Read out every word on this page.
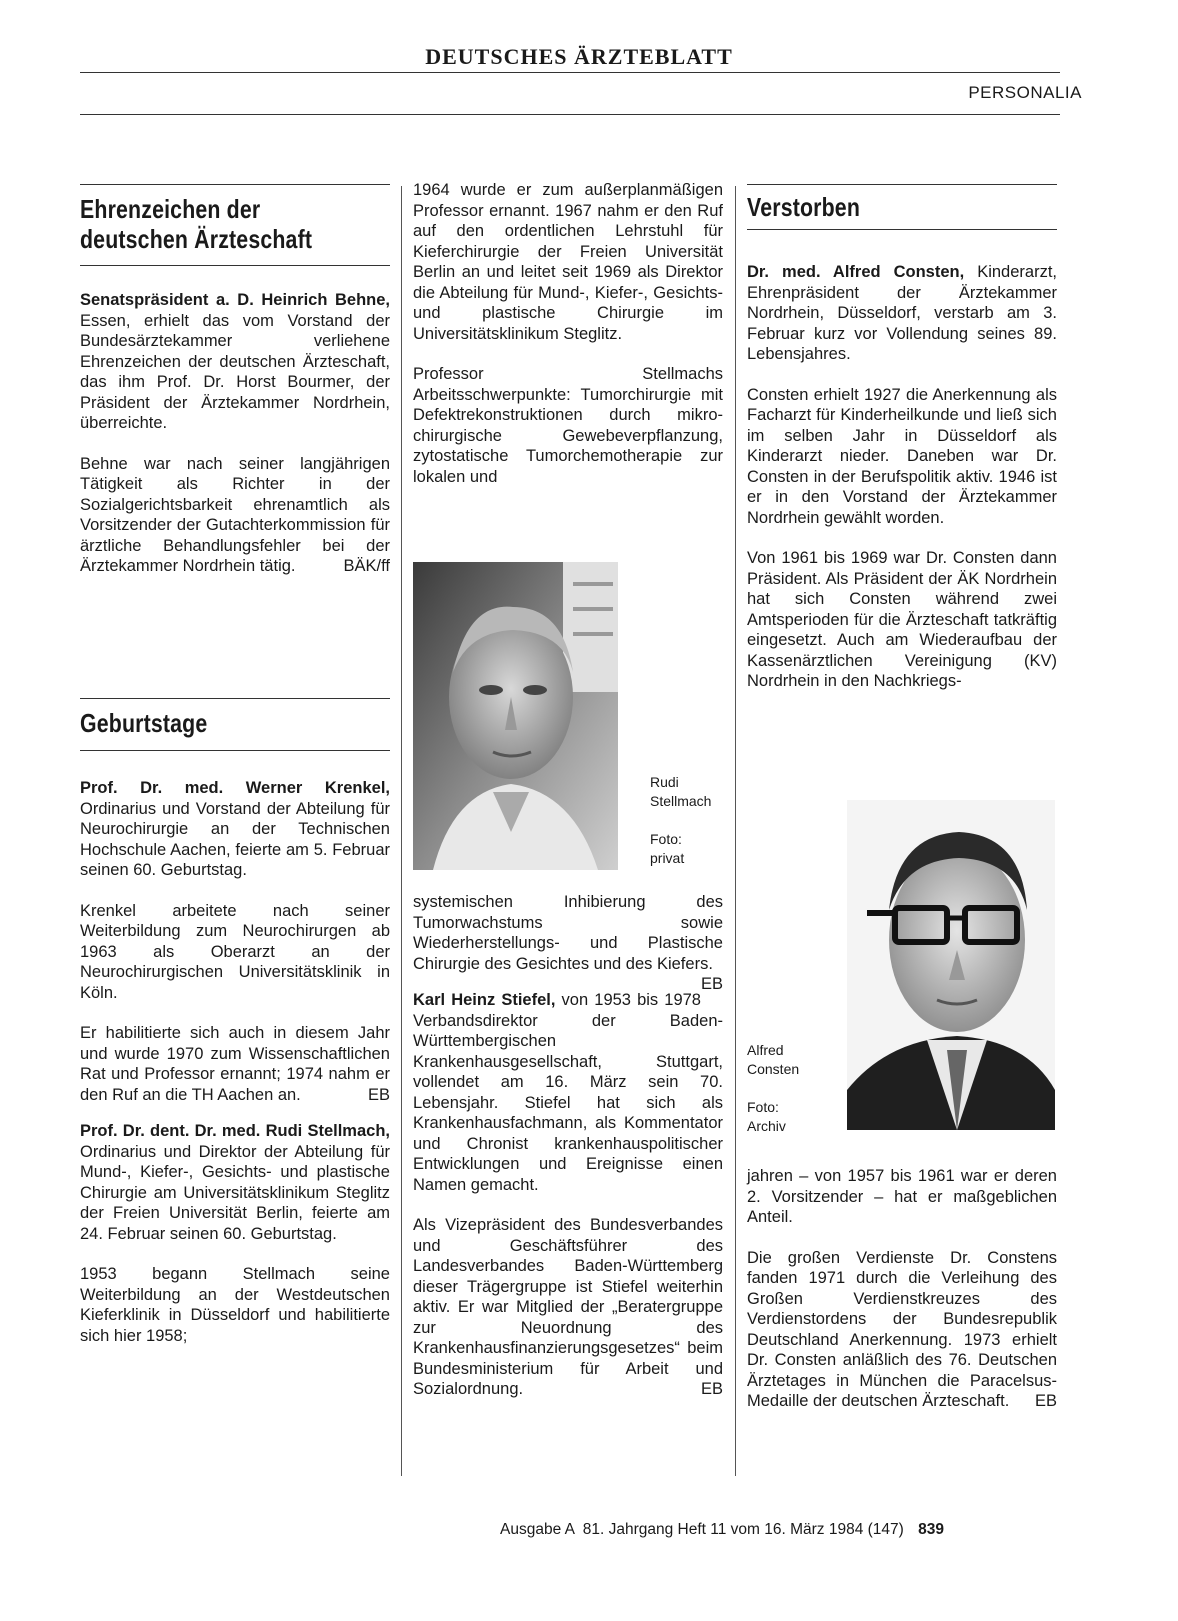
DEUTSCHES ÄRZTEBLATT
PERSONALIA
Ehrenzeichen der
deutschen Ärzteschaft

Senatspräsident a. D. Heinrich Behne, Essen, erhielt das vom Vorstand der Bundesärztekammer verliehene Ehrenzeichen der deutschen Ärzteschaft, das ihm Prof. Dr. Horst Bourmer, der Präsident der Ärztekammer Nordrhein, überreichte.

Behne war nach seiner langjährigen Tätigkeit als Richter in der Sozialgerichtsbarkeit ehrenamtlich als Vorsitzender der Gutachterkommission für ärztliche Behandlungsfehler bei der Ärztekammer Nordrhein tätig.	BÄK/ff

Geburtstage

Prof. Dr. med. Werner Krenkel, Ordinarius und Vorstand der Abteilung für Neurochirurgie an der Technischen Hochschule Aachen, feierte am 5. Februar seinen 60. Geburtstag.

Krenkel arbeitete nach seiner Weiterbildung zum Neurochirurgen ab 1963 als Oberarzt an der Neurochirurgischen Universitätsklinik in Köln.

Er habilitierte sich auch in diesem Jahr und wurde 1970 zum Wissenschaftlichen Rat und Professor ernannt; 1974 nahm er den Ruf an die TH Aachen an.	EB

Prof. Dr. dent. Dr. med. Rudi Stellmach, Ordinarius und Direktor der Abteilung für Mund-, Kiefer-, Gesichts- und plastische Chirurgie am Universitätsklinikum Steglitz der Freien Universität Berlin, feierte am 24. Februar seinen 60. Geburtstag.

1953 begann Stellmach seine Weiterbildung an der Westdeutschen Kieferklinik in Düsseldorf und habilitierte sich hier 1958;

1964 wurde er zum außerplanmäßigen Professor ernannt. 1967 nahm er den Ruf auf den ordentlichen Lehrstuhl für Kieferchirurgie der Freien Universität Berlin an und leitet seit 1969 als Direktor die Abteilung für Mund-, Kiefer-, Gesichts- und plastische Chirurgie im Universitätsklinikum Steglitz.

Professor Stellmachs Arbeitsschwerpunkte: Tumorchirurgie mit Defektrekonstruktionen durch mikro-chirurgische Gewebeverpflanzung, zytostatische Tumorchemotherapie zur lokalen und

Rudi
Stellmach
Foto:
privat

systemischen Inhibierung des Tumorwachstums sowie Wiederherstellungs- und Plastische Chirurgie des Gesichtes und des Kiefers.
EB

Karl Heinz Stiefel, von 1953 bis 1978 Verbandsdirektor der Baden-Württembergischen Krankenhausgesellschaft, Stuttgart, vollendet am 16. März sein 70. Lebensjahr. Stiefel hat sich als Krankenhausfachmann, als Kommentator und Chronist krankenhauspolitischer Entwicklungen und Ereignisse einen Namen gemacht.

Als Vizepräsident des Bundesverbandes und Geschäftsführer des Landesverbandes Baden-Württemberg dieser Trägergruppe ist Stiefel weiterhin aktiv. Er war Mitglied der „Beratergruppe zur Neuordnung des Krankenhausfinanzierungsgesetzes“ beim Bundesministerium für Arbeit und Sozialordnung.	EB

Verstorben

Dr. med. Alfred Consten, Kinderarzt, Ehrenpräsident der Ärztekammer Nordrhein, Düsseldorf, verstarb am 3. Februar kurz vor Vollendung seines 89. Lebensjahres.

Consten erhielt 1927 die Anerkennung als Facharzt für Kinderheilkunde und ließ sich im selben Jahr in Düsseldorf als Kinderarzt nieder. Daneben war Dr. Consten in der Berufspolitik aktiv. 1946 ist er in den Vorstand der Ärztekammer Nordrhein gewählt worden.

Von 1961 bis 1969 war Dr. Consten dann Präsident. Als Präsident der ÄK Nordrhein hat sich Consten während zwei Amtsperioden für die Ärzteschaft tatkräftig eingesetzt. Auch am Wiederaufbau der Kassenärztlichen Vereinigung (KV) Nordrhein in den Nachkriegs-

Alfred
Consten
Foto:
Archiv

jahren – von 1957 bis 1961 war er deren 2. Vorsitzender – hat er maßgeblichen Anteil.

Die großen Verdienste Dr. Constens fanden 1971 durch die Verleihung des Großen Verdienstkreuzes des Verdienstordens der Bundesrepublik Deutschland Anerkennung. 1973 erhielt Dr. Consten anläßlich des 76. Deutschen Ärztetages in München die Paracelsus-Medaille der deutschen Ärzteschaft. EB

Ausgabe A  81. Jahrgang Heft 11 vom 16. März 1984 (147) 839
